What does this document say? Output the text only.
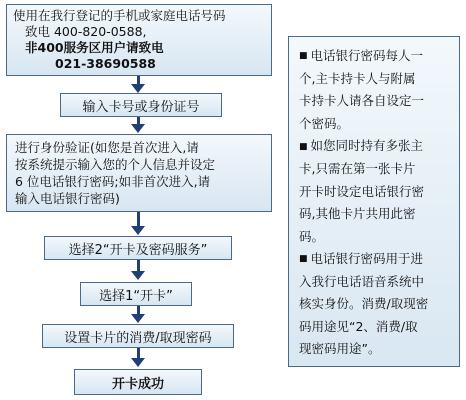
使用在我行登记的手机或家庭电话号码
致电 400-820-0588,
非400服务区用户请致电
021-38690588
输入卡号或身份证号
进行身份验证(如您是首次进入,请
按系统提示输入您的个人信息并设定
6 位电话银行密码;如非首次进入,请
输入电话银行密码)
选择2“开卡及密码服务”
选择1“开卡”
设置卡片的消费/取现密码
开卡成功
■ 电话银行密码每人一
个,主卡持卡人与附属
卡持卡人请各自设定一
个密码。
■ 如您同时持有多张主
卡,只需在第一张卡片
开卡时设定电话银行密
码,其他卡片共用此密
码。
■ 电话银行密码用于进
入我行电话语音系统中
核实身份。消费/取现密
码用途见“2、消费/取
现密码用途”。
